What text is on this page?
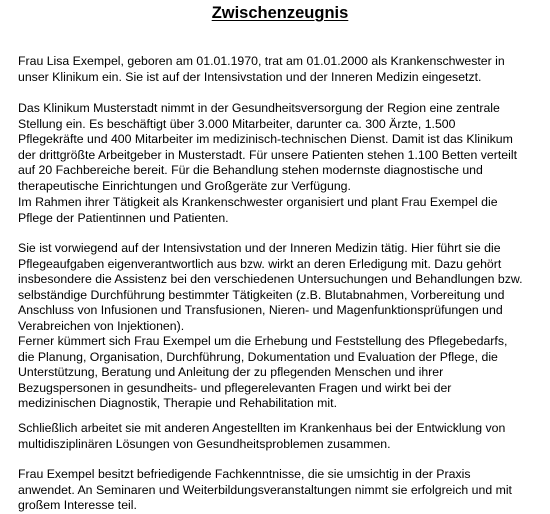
Zwischenzeugnis

Frau Lisa Exempel, geboren am 01.01.1970, trat am 01.01.2000 als Krankenschwester in
unser Klinikum ein. Sie ist auf der Intensivstation und der Inneren Medizin eingesetzt.

Das Klinikum Musterstadt nimmt in der Gesundheitsversorgung der Region eine zentrale
Stellung ein. Es beschäftigt über 3.000 Mitarbeiter, darunter ca. 300 Ärzte, 1.500
Pflegekräfte und 400 Mitarbeiter im medizinisch-technischen Dienst. Damit ist das Klinikum
der drittgrößte Arbeitgeber in Musterstadt. Für unsere Patienten stehen 1.100 Betten verteilt
auf 20 Fachbereiche bereit. Für die Behandlung stehen modernste diagnostische und
therapeutische Einrichtungen und Großgeräte zur Verfügung.

Im Rahmen ihrer Tätigkeit als Krankenschwester organisiert und plant Frau Exempel die
Pflege der Patientinnen und Patienten.

Sie ist vorwiegend auf der Intensivstation und der Inneren Medizin tätig. Hier führt sie die
Pflegeaufgaben eigenverantwortlich aus bzw. wirkt an deren Erledigung mit. Dazu gehört
insbesondere die Assistenz bei den verschiedenen Untersuchungen und Behandlungen bzw.
selbständige Durchführung bestimmter Tätigkeiten (z.B. Blutabnahmen, Vorbereitung und
Anschluss von Infusionen und Transfusionen, Nieren- und Magenfunktionsprüfungen und
Verabreichen von Injektionen).

Ferner kümmert sich Frau Exempel um die Erhebung und Feststellung des Pflegebedarfs,
die Planung, Organisation, Durchführung, Dokumentation und Evaluation der Pflege, die
Unterstützung, Beratung und Anleitung der zu pflegenden Menschen und ihrer
Bezugspersonen in gesundheits- und pflegerelevanten Fragen und wirkt bei der
medizinischen Diagnostik, Therapie und Rehabilitation mit.

Schließlich arbeitet sie mit anderen Angestellten im Krankenhaus bei der Entwicklung von
multidisziplinären Lösungen von Gesundheitsproblemen zusammen.

Frau Exempel besitzt befriedigende Fachkenntnisse, die sie umsichtig in der Praxis
anwendet. An Seminaren und Weiterbildungsveranstaltungen nimmt sie erfolgreich und mit
großem Interesse teil.
